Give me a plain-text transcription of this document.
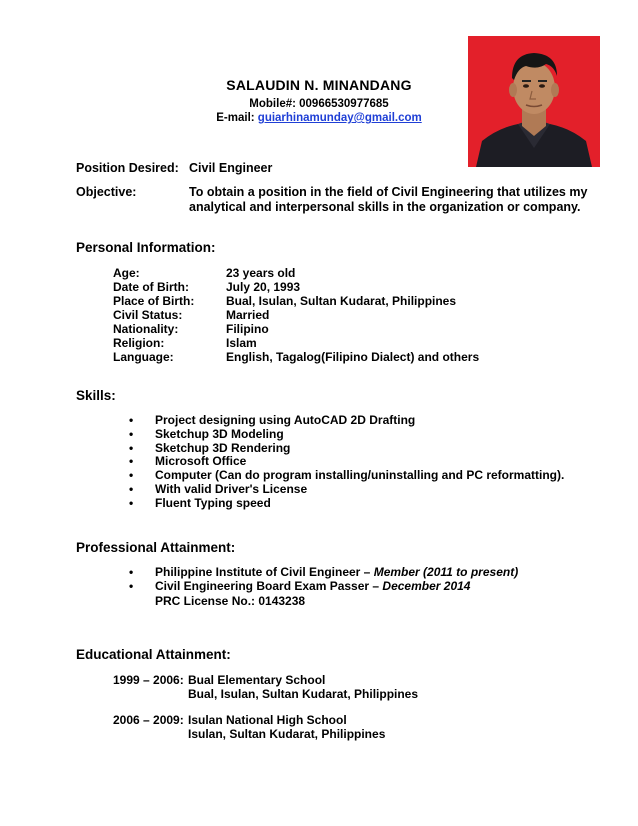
SALAUDIN N. MINANDANG
Mobile#: 00966530977685
E-mail: guiarhinamunday@gmail.com
Position Desired: Civil Engineer
Objective:	To obtain a position in the field of Civil Engineering that utilizes my
analytical and interpersonal skills in the organization or company.
Personal Information:
Age:	23 years old
Date of Birth:	July 20, 1993
Place of Birth:	Bual, Isulan, Sultan Kudarat, Philippines
Civil Status:	Married
Nationality:	Filipino
Religion:	Islam
Language:	English, Tagalog(Filipino Dialect) and others
Skills:
• Project designing using AutoCAD 2D Drafting
• Sketchup 3D Modeling
• Sketchup 3D Rendering
• Microsoft Office
• Computer (Can do program installing/uninstalling and PC reformatting).
• With valid Driver's License
• Fluent Typing speed
Professional Attainment:
• Philippine Institute of Civil Engineer – Member (2011 to present)
• Civil Engineering Board Exam Passer – December 2014
PRC License No.: 0143238
Educational Attainment:
1999 – 2006: Bual Elementary School
Bual, Isulan, Sultan Kudarat, Philippines
2006 – 2009: Isulan National High School
Isulan, Sultan Kudarat, Philippines
